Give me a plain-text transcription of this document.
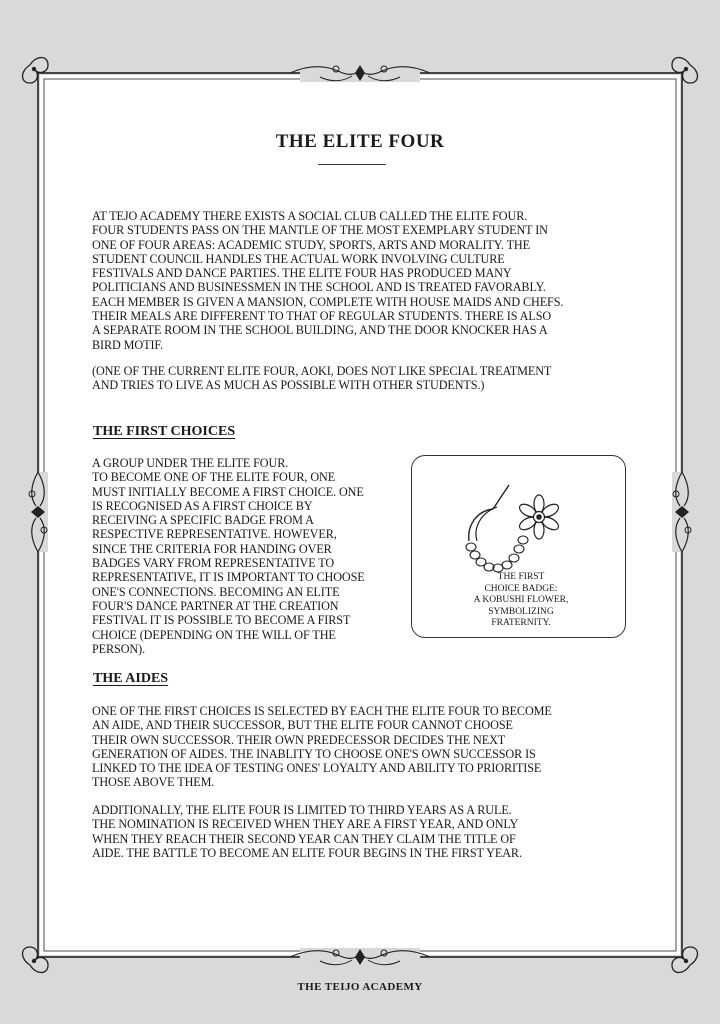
THE ELITE FOUR
AT TEJO ACADEMY THERE EXISTS A SOCIAL CLUB CALLED THE ELITE FOUR.
FOUR STUDENTS PASS ON THE MANTLE OF THE MOST EXEMPLARY STUDENT IN
ONE OF FOUR AREAS: ACADEMIC STUDY, SPORTS, ARTS AND MORALITY. THE
STUDENT COUNCIL HANDLES THE ACTUAL WORK INVOLVING CULTURE
FESTIVALS AND DANCE PARTIES. THE ELITE FOUR HAS PRODUCED MANY
POLITICIANS AND BUSINESSMEN IN THE SCHOOL AND IS TREATED FAVORABLY.
EACH MEMBER IS GIVEN A MANSION, COMPLETE WITH HOUSE MAIDS AND CHEFS.
THEIR MEALS ARE DIFFERENT TO THAT OF REGULAR STUDENTS. THERE IS ALSO
A SEPARATE ROOM IN THE SCHOOL BUILDING, AND THE DOOR KNOCKER HAS A
BIRD MOTIF.
(ONE OF THE CURRENT ELITE FOUR, AOKI, DOES NOT LIKE SPECIAL TREATMENT
AND TRIES TO LIVE AS MUCH AS POSSIBLE WITH OTHER STUDENTS.)
THE FIRST CHOICES
A GROUP UNDER THE ELITE FOUR.
TO BECOME ONE OF THE ELITE FOUR, ONE
MUST INITIALLY BECOME A FIRST CHOICE. ONE
IS RECOGNISED AS A FIRST CHOICE BY
RECEIVING A SPECIFIC BADGE FROM A
RESPECTIVE REPRESENTATIVE. HOWEVER,
SINCE THE CRITERIA FOR HANDING OVER
BADGES VARY FROM REPRESENTATIVE TO
REPRESENTATIVE, IT IS IMPORTANT TO CHOOSE
ONE'S CONNECTIONS. BECOMING AN ELITE
FOUR'S DANCE PARTNER AT THE CREATION
FESTIVAL IT IS POSSIBLE TO BECOME A FIRST
CHOICE (DEPENDING ON THE WILL OF THE
PERSON).
THE FIRST
CHOICE BADGE:
A KOBUSHI FLOWER,
SYMBOLIZING
FRATERNITY.
THE AIDES
ONE OF THE FIRST CHOICES IS SELECTED BY EACH THE ELITE FOUR TO BECOME
AN AIDE, AND THEIR SUCCESSOR, BUT THE ELITE FOUR CANNOT CHOOSE
THEIR OWN SUCCESSOR. THEIR OWN PREDECESSOR DECIDES THE NEXT
GENERATION OF AIDES. THE INABLITY TO CHOOSE ONE'S OWN SUCCESSOR IS
LINKED TO THE IDEA OF TESTING ONES' LOYALTY AND ABILITY TO PRIORITISE
THOSE ABOVE THEM.
ADDITIONALLY, THE ELITE FOUR IS LIMITED TO THIRD YEARS AS A RULE.
THE NOMINATION IS RECEIVED WHEN THEY ARE A FIRST YEAR, AND ONLY
WHEN THEY REACH THEIR SECOND YEAR CAN THEY CLAIM THE TITLE OF
AIDE. THE BATTLE TO BECOME AN ELITE FOUR BEGINS IN THE FIRST YEAR.
THE TEIJO ACADEMY
